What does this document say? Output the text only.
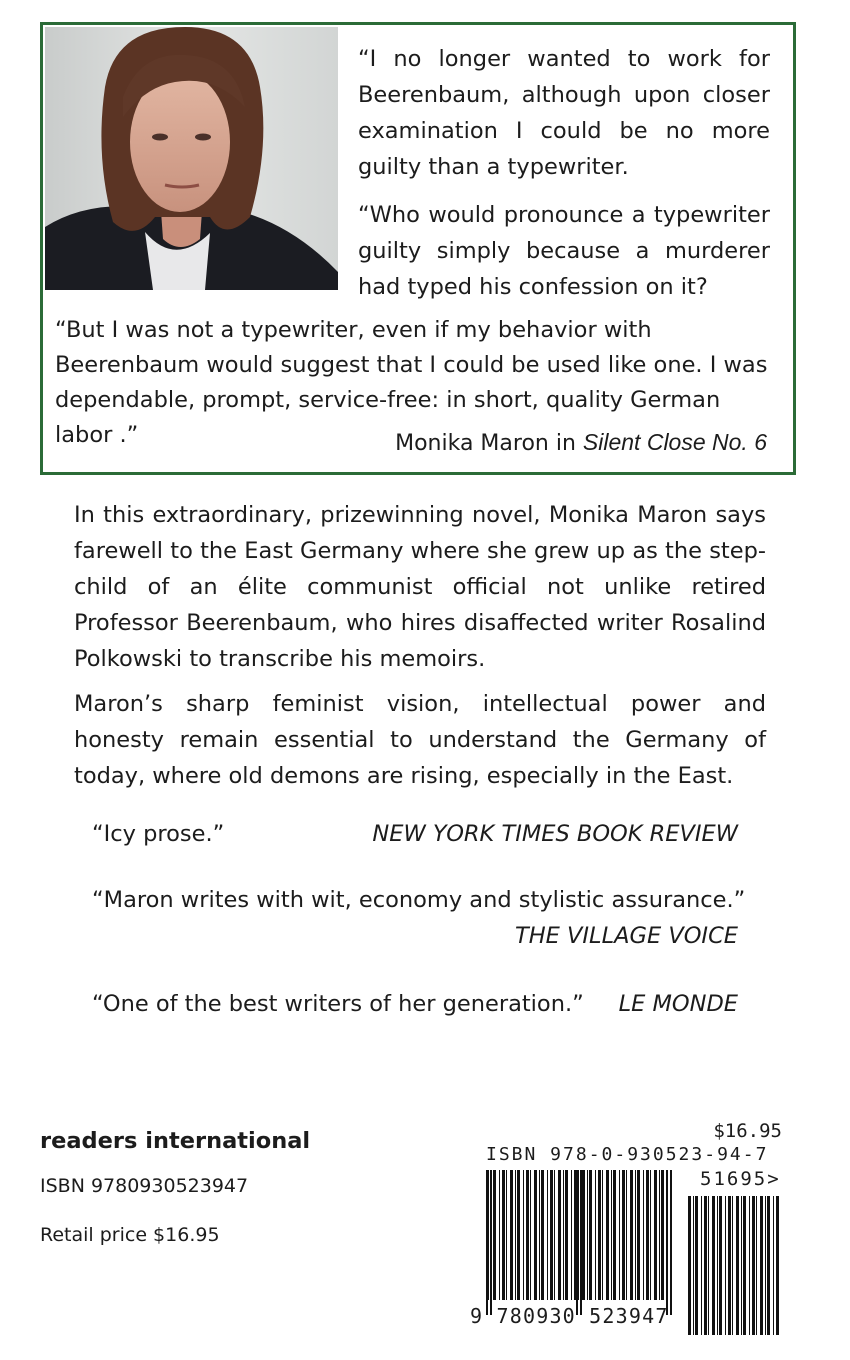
“I no longer wanted to work for Beerenbaum, although upon closer examination I could be no more guilty than a typewriter.

“Who would pronounce a typewriter guilty simply because a murderer had typed his confession on it?

“But I was not a typewriter, even if my behavior with Beerenbaum would suggest that I could be used like one. I was dependable, prompt, service-free: in short, quality German labor .”	Monika Maron in Silent Close No. 6

In this extraordinary, prizewinning novel, Monika Maron says farewell to the East Germany where she grew up as the step-child of an élite communist official not unlike retired Professor Beerenbaum, who hires disaffected writer Rosalind Polkowski to transcribe his memoirs.

Maron’s sharp feminist vision, intellectual power and honesty remain essential to understand the Germany of today, where old demons are rising, especially in the East.

“Icy prose.”	NEW YORK TIMES BOOK REVIEW
“Maron writes with wit, economy and stylistic assurance.”
THE VILLAGE VOICE
“One of the best writers of her generation.” LE MONDE
readers international
ISBN 9780930523947
Retail price $16.95
$16.95
ISBN 978-0-930523-94-7
51695>
9 780930 523947
